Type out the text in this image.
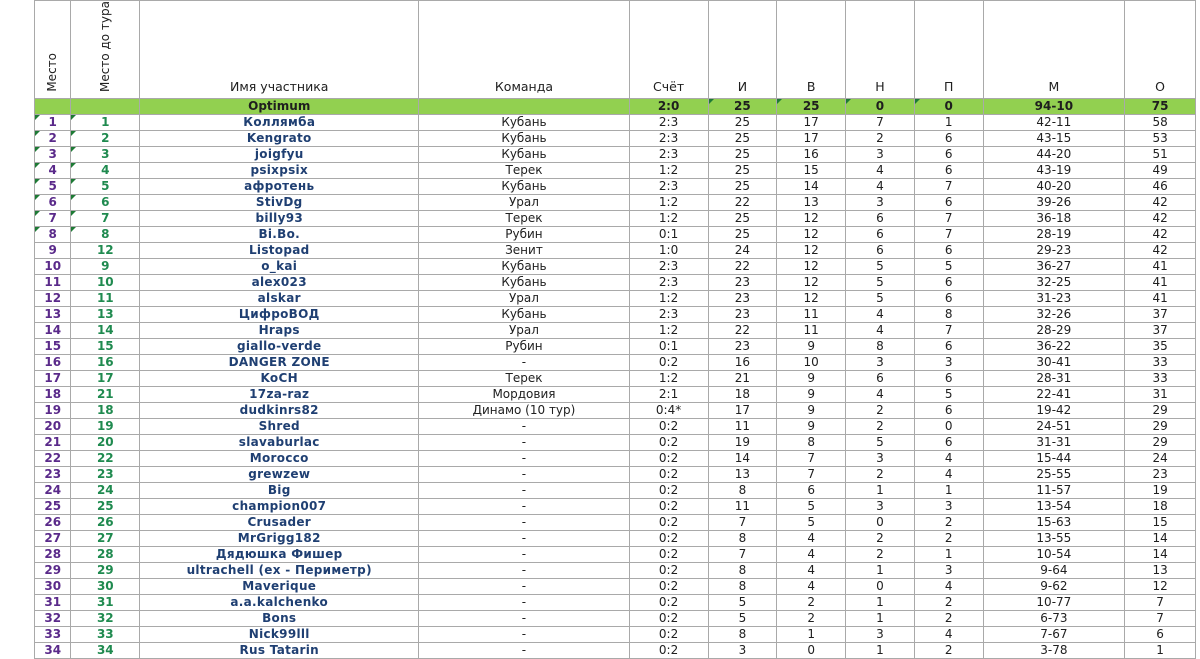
Место	Место до тура	Имя участника	Команда	Счёт	И	В	Н	П	М	О
		Optimum		2:0	25	25	0	0	94-10	75
1	1	Коллямба	Кубань	2:3	25	17	7	1	42-11	58
2	2	Kengrato	Кубань	2:3	25	17	2	6	43-15	53
3	3	joigfyu	Кубань	2:3	25	16	3	6	44-20	51
4	4	psixpsix	Терек	1:2	25	15	4	6	43-19	49
5	5	афротень	Кубань	2:3	25	14	4	7	40-20	46
6	6	StivDg	Урал	1:2	22	13	3	6	39-26	42
7	7	billy93	Терек	1:2	25	12	6	7	36-18	42
8	8	Bi.Bo.	Рубин	0:1	25	12	6	7	28-19	42
9	12	Listopad	Зенит	1:0	24	12	6	6	29-23	42
10	9	o_kai	Кубань	2:3	22	12	5	5	36-27	41
11	10	alex023	Кубань	2:3	23	12	5	6	32-25	41
12	11	alskar	Урал	1:2	23	12	5	6	31-23	41
13	13	ЦифроВОД	Кубань	2:3	23	11	4	8	32-26	37
14	14	Hraps	Урал	1:2	22	11	4	7	28-29	37
15	15	giallo-verde	Рубин	0:1	23	9	8	6	36-22	35
16	16	DANGER ZONE	-	0:2	16	10	3	3	30-41	33
17	17	KoCH	Терек	1:2	21	9	6	6	28-31	33
18	21	17za-raz	Мордовия	2:1	18	9	4	5	22-41	31
19	18	dudkinrs82	Динамо (10 тур)	0:4*	17	9	2	6	19-42	29
20	19	Shred	-	0:2	11	9	2	0	24-51	29
21	20	slavaburlac	-	0:2	19	8	5	6	31-31	29
22	22	Morocco	-	0:2	14	7	3	4	15-44	24
23	23	grewzew	-	0:2	13	7	2	4	25-55	23
24	24	Big	-	0:2	8	6	1	1	11-57	19
25	25	champion007	-	0:2	11	5	3	3	13-54	18
26	26	Crusader	-	0:2	7	5	0	2	15-63	15
27	27	MrGrigg182	-	0:2	8	4	2	2	13-55	14
28	28	Дядюшка Фишер	-	0:2	7	4	2	1	10-54	14
29	29	ultrachell (ex - Периметр)	-	0:2	8	4	1	3	9-64	13
30	30	Maverique	-	0:2	8	4	0	4	9-62	12
31	31	a.a.kalchenko	-	0:2	5	2	1	2	10-77	7
32	32	Bons	-	0:2	5	2	1	2	6-73	7
33	33	Nick99lll	-	0:2	8	1	3	4	7-67	6
34	34	Rus Tatarin	-	0:2	3	0	1	2	3-78	1
